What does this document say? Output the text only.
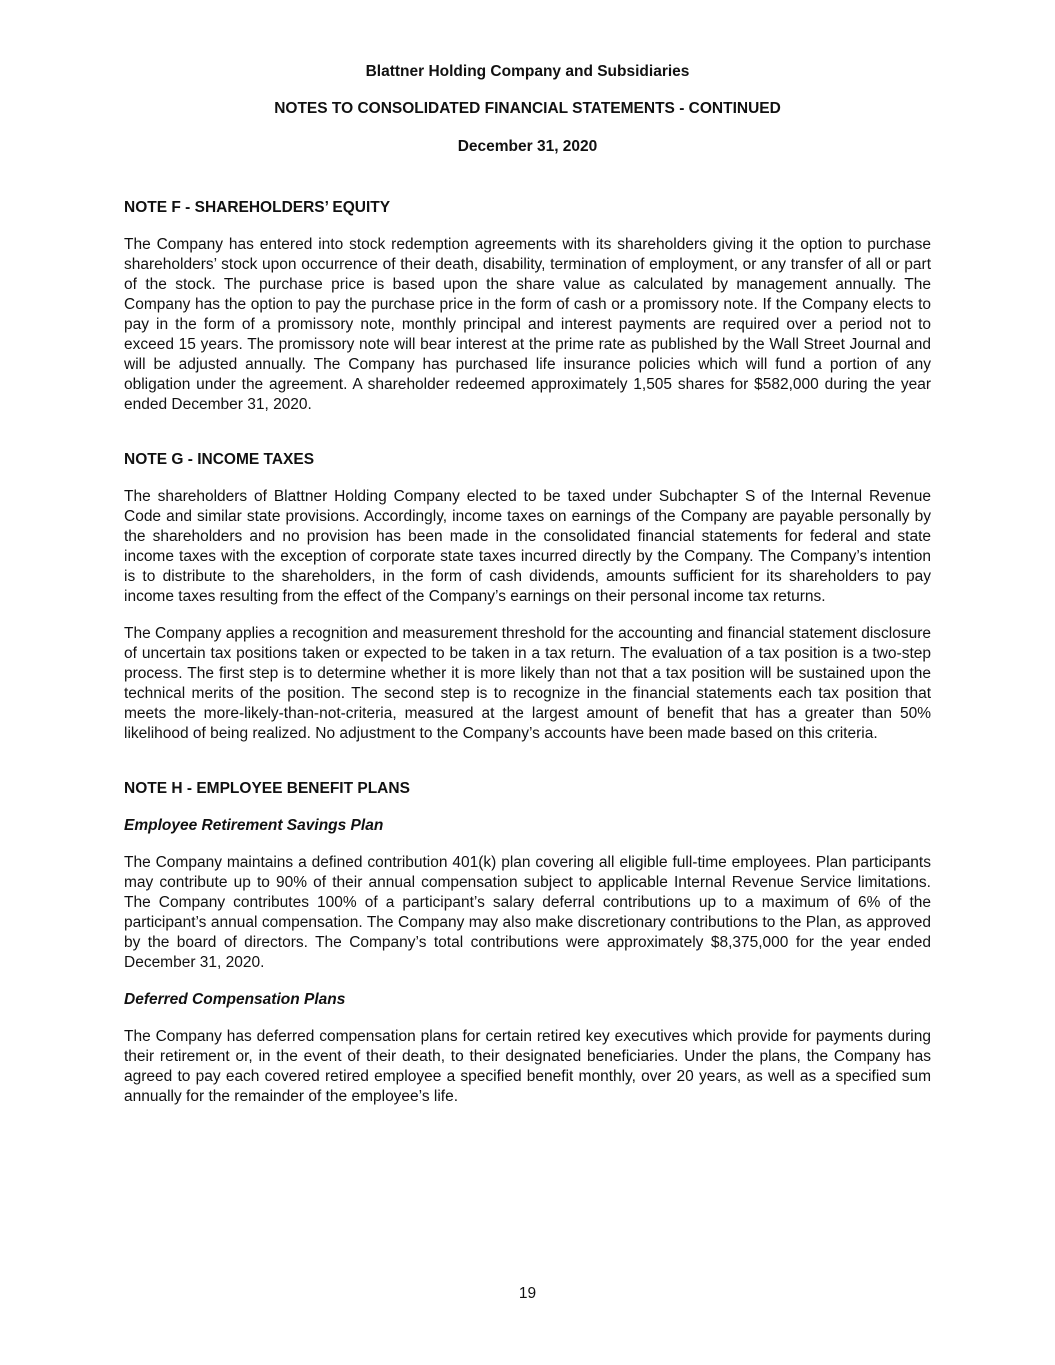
Blattner Holding Company and Subsidiaries

NOTES TO CONSOLIDATED FINANCIAL STATEMENTS - CONTINUED

December 31, 2020

NOTE F - SHAREHOLDERS’ EQUITY

The Company has entered into stock redemption agreements with its shareholders giving it the option to purchase shareholders’ stock upon occurrence of their death, disability, termination of employment, or any transfer of all or part of the stock. The purchase price is based upon the share value as calculated by management annually. The Company has the option to pay the purchase price in the form of cash or a promissory note. If the Company elects to pay in the form of a promissory note, monthly principal and interest payments are required over a period not to exceed 15 years. The promissory note will bear interest at the prime rate as published by the Wall Street Journal and will be adjusted annually. The Company has purchased life insurance policies which will fund a portion of any obligation under the agreement. A shareholder redeemed approximately 1,505 shares for $582,000 during the year ended December 31, 2020.

NOTE G - INCOME TAXES

The shareholders of Blattner Holding Company elected to be taxed under Subchapter S of the Internal Revenue Code and similar state provisions. Accordingly, income taxes on earnings of the Company are payable personally by the shareholders and no provision has been made in the consolidated financial statements for federal and state income taxes with the exception of corporate state taxes incurred directly by the Company. The Company’s intention is to distribute to the shareholders, in the form of cash dividends, amounts sufficient for its shareholders to pay income taxes resulting from the effect of the Company’s earnings on their personal income tax returns.

The Company applies a recognition and measurement threshold for the accounting and financial statement disclosure of uncertain tax positions taken or expected to be taken in a tax return. The evaluation of a tax position is a two-step process. The first step is to determine whether it is more likely than not that a tax position will be sustained upon the technical merits of the position. The second step is to recognize in the financial statements each tax position that meets the more-likely-than-not-criteria, measured at the largest amount of benefit that has a greater than 50% likelihood of being realized. No adjustment to the Company’s accounts have been made based on this criteria.

NOTE H - EMPLOYEE BENEFIT PLANS
Employee Retirement Savings Plan

The Company maintains a defined contribution 401(k) plan covering all eligible full-time employees. Plan participants may contribute up to 90% of their annual compensation subject to applicable Internal Revenue Service limitations. The Company contributes 100% of a participant’s salary deferral contributions up to a maximum of 6% of the participant’s annual compensation. The Company may also make discretionary contributions to the Plan, as approved by the board of directors. The Company’s total contributions were approximately $8,375,000 for the year ended December 31, 2020.

Deferred Compensation Plans

The Company has deferred compensation plans for certain retired key executives which provide for payments during their retirement or, in the event of their death, to their designated beneficiaries. Under the plans, the Company has agreed to pay each covered retired employee a specified benefit monthly, over 20 years, as well as a specified sum annually for the remainder of the employee’s life.

19
